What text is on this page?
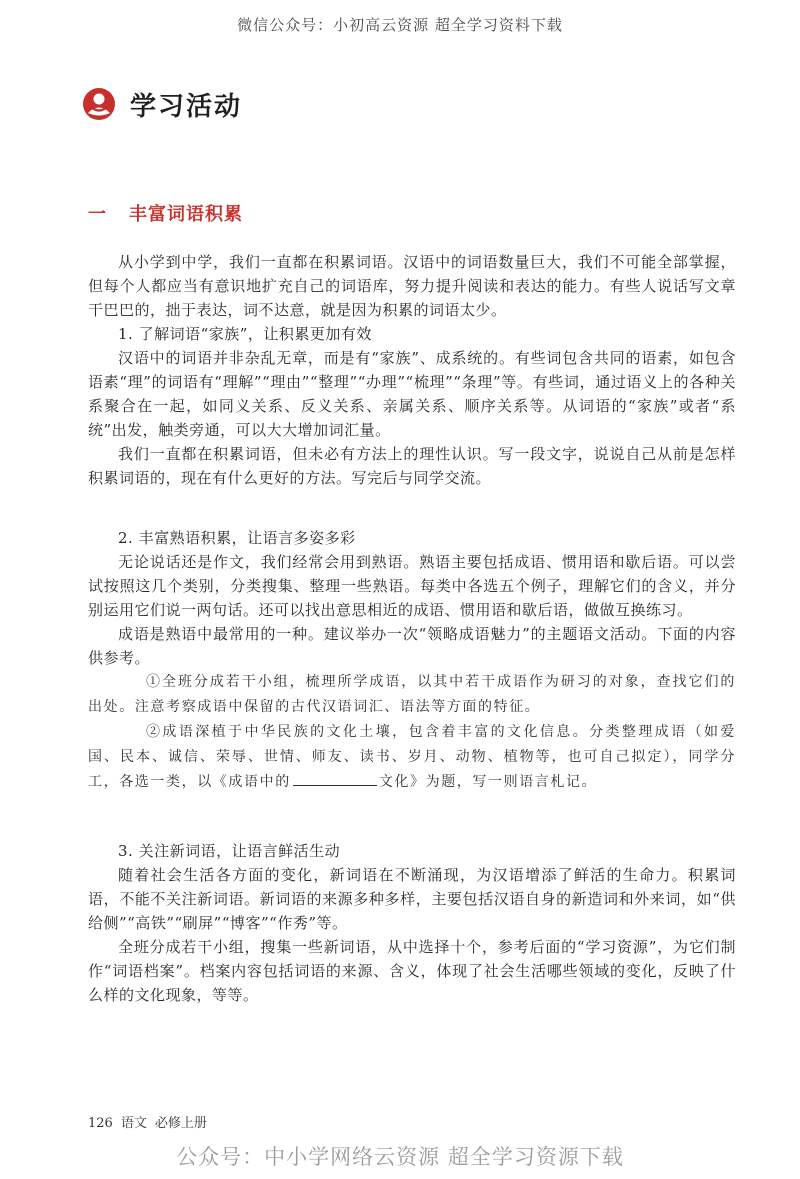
微信公众号：小初高云资源 超全学习资料下载
学习活动
一 丰富词语积累

从小学到中学，我们一直都在积累词语。汉语中的词语数量巨大，我们不可能全部掌握，但每个人都应当有意识地扩充自己的词语库，努力提升阅读和表达的能力。有些人说话写文章干巴巴的，拙于表达，词不达意，就是因为积累的词语太少。

1. 了解词语“家族”，让积累更加有效

汉语中的词语并非杂乱无章，而是有“家族”、成系统的。有些词包含共同的语素，如包含语素“理”的词语有“理解”“理由”“整理”“办理”“梳理”“条理”等。有些词，通过语义上的各种关系聚合在一起，如同义关系、反义关系、亲属关系、顺序关系等。从词语的“家族”或者“系统”出发，触类旁通，可以大大增加词汇量。

我们一直都在积累词语，但未必有方法上的理性认识。写一段文字，说说自己从前是怎样积累词语的，现在有什么更好的方法。写完后与同学交流。

2. 丰富熟语积累，让语言多姿多彩

无论说话还是作文，我们经常会用到熟语。熟语主要包括成语、惯用语和歇后语。可以尝试按照这几个类别，分类搜集、整理一些熟语。每类中各选五个例子，理解它们的含义，并分别运用它们说一两句话。还可以找出意思相近的成语、惯用语和歇后语，做做互换练习。

成语是熟语中最常用的一种。建议举办一次“领略成语魅力”的主题语文活动。下面的内容供参考。

①全班分成若干小组，梳理所学成语，以其中若干成语作为研习的对象，查找它们的出处。注意考察成语中保留的古代汉语词汇、语法等方面的特征。

②成语深植于中华民族的文化土壤，包含着丰富的文化信息。分类整理成语（如爱国、民本、诚信、荣辱、世情、师友、读书、岁月、动物、植物等，也可自己拟定），同学分工，各选一类，以《成语中的	文化》为题，写一则语言札记。

3. 关注新词语，让语言鲜活生动

随着社会生活各方面的变化，新词语在不断涌现，为汉语增添了鲜活的生命力。积累词语，不能不关注新词语。新词语的来源多种多样，主要包括汉语自身的新造词和外来词，如“供给侧”“高铁”“刷屏”“博客”“作秀”等。

全班分成若干小组，搜集一些新词语，从中选择十个，参考后面的“学习资源”，为它们制作“词语档案”。档案内容包括词语的来源、含义，体现了社会生活哪些领域的变化，反映了什么样的文化现象，等等。

126 语文 必修上册
公众号：中小学网络云资源 超全学习资源下载
